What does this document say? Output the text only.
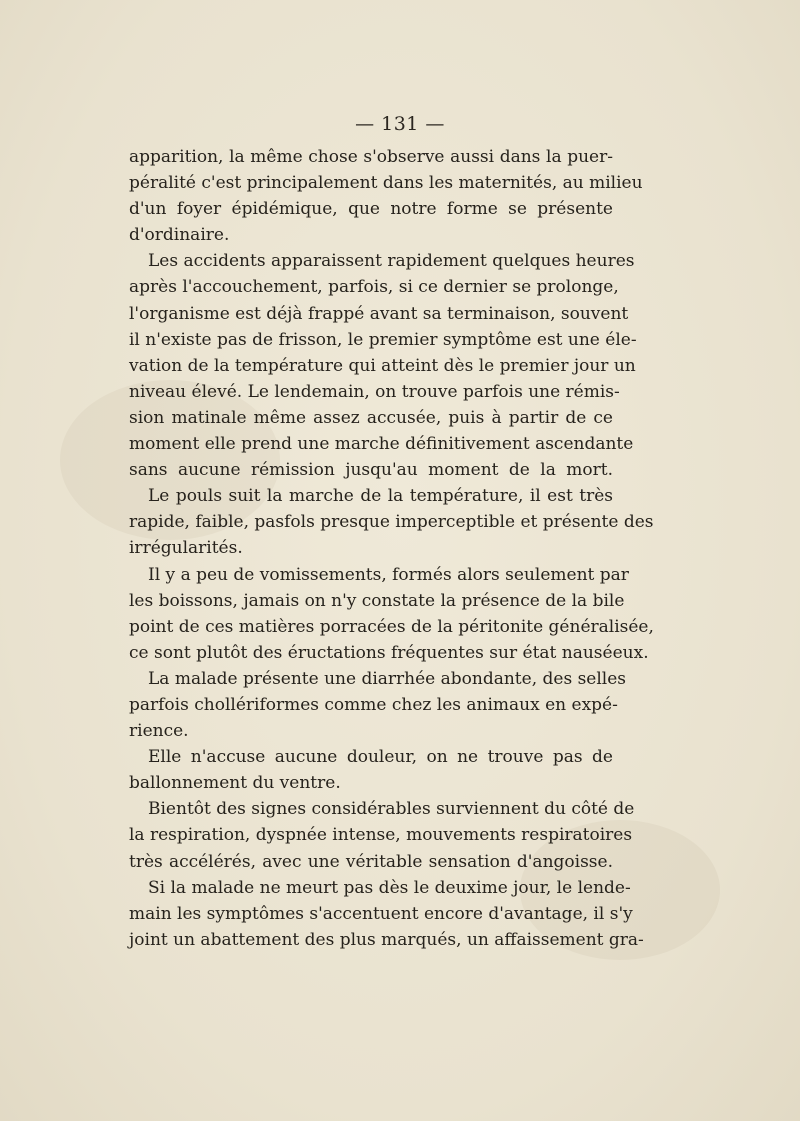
— 131 —
apparition, la même chose s'observe aussi dans la puer-
péralité c'est principalement dans les maternités, au milieu
d'un foyer épidémique, que notre forme se présente
d'ordinaire.
Les accidents apparaissent rapidement quelques heures
après l'accouchement, parfois, si ce dernier se prolonge,
l'organisme est déjà frappé avant sa terminaison, souvent
il n'existe pas de frisson, le premier symptôme est une éle-
vation de la température qui atteint dès le premier jour un
niveau élevé. Le lendemain, on trouve parfois une rémis-
sion matinale même assez accusée, puis à partir de ce
moment elle prend une marche définitivement ascendante
sans aucune rémission jusqu'au moment de la mort.
Le pouls suit la marche de la température, il est très
rapide, faible, pasfols presque imperceptible et présente des
irrégularités.
Il y a peu de vomissements, formés alors seulement par
les boissons, jamais on n'y constate la présence de la bile
point de ces matières porracées de la péritonite généralisée,
ce sont plutôt des éructations fréquentes sur état nauséeux.
La malade présente une diarrhée abondante, des selles
parfois chollériformes comme chez les animaux en expé-
rience.
Elle n'accuse aucune douleur, on ne trouve pas de
ballonnement du ventre.
Bientôt des signes considérables surviennent du côté de
la respiration, dyspnée intense, mouvements respiratoires
très accélérés, avec une véritable sensation d'angoisse.
Si la malade ne meurt pas dès le deuxime jour, le lende-
main les symptômes s'accentuent encore d'avantage, il s'y
joint un abattement des plus marqués, un affaissement gra-
